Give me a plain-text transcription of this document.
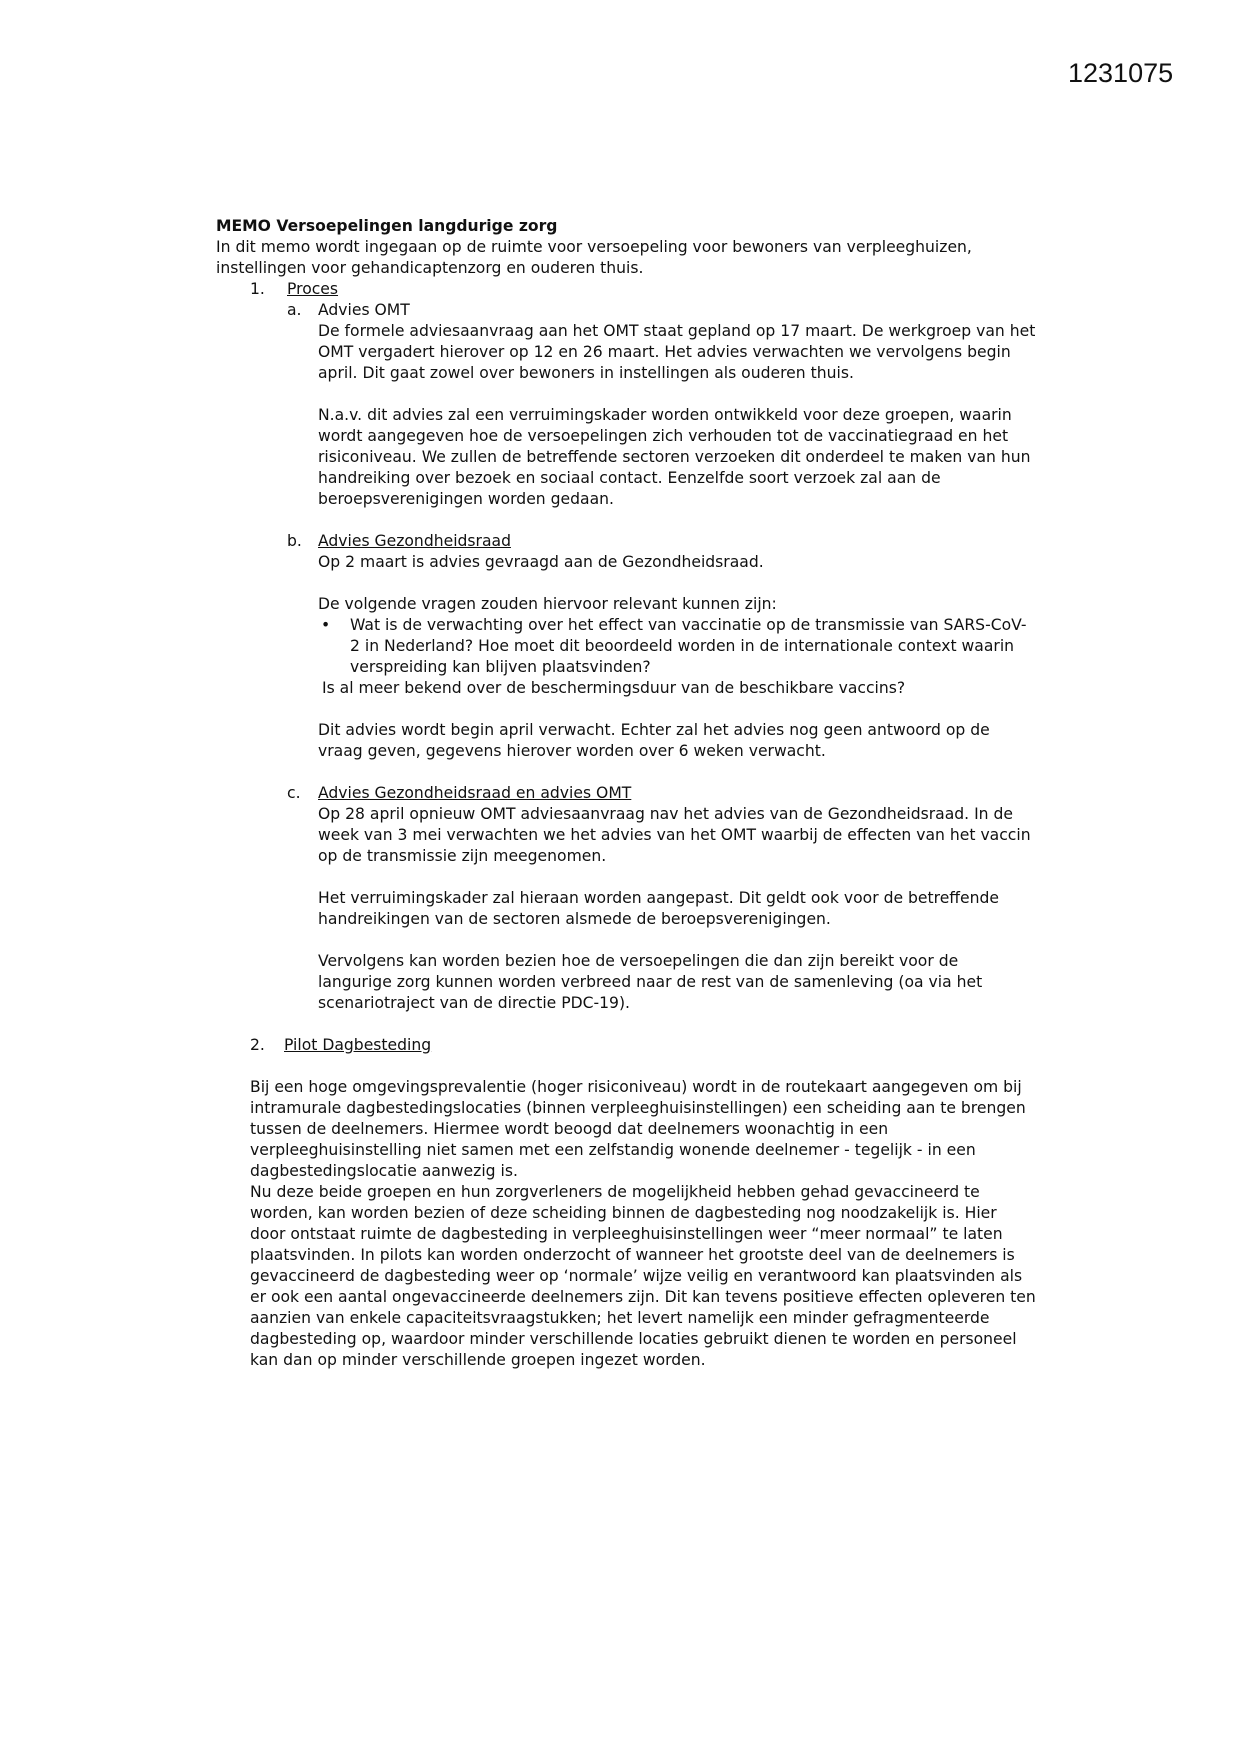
1231075

MEMO Versoepelingen langdurige zorg

In dit memo wordt ingegaan op de ruimte voor versoepeling voor bewoners van verpleeghuizen, instellingen voor gehandicaptenzorg en ouderen thuis.

1.	Proces
a.	Advies OMT

De formele adviesaanvraag aan het OMT staat gepland op 17 maart. De werkgroep van het OMT vergadert hierover op 12 en 26 maart. Het advies verwachten we vervolgens begin april. Dit gaat zowel over bewoners in instellingen als ouderen thuis.

N.a.v. dit advies zal een verruimingskader worden ontwikkeld voor deze groepen, waarin wordt aangegeven hoe de versoepelingen zich verhouden tot de vaccinatiegraad en het risiconiveau. We zullen de betreffende sectoren verzoeken dit onderdeel te maken van hun handreiking over bezoek en sociaal contact. Eenzelfde soort verzoek zal aan de beroepsverenigingen worden gedaan.

b.	Advies Gezondheidsraad

Op 2 maart is advies gevraagd aan de Gezondheidsraad.

De volgende vragen zouden hiervoor relevant kunnen zijn:

•	Wat is de verwachting over het effect van vaccinatie op de transmissie van SARS-CoV-2 in Nederland? Hoe moet dit beoordeeld worden in de internationale context waarin verspreiding kan blijven plaatsvinden?

Is al meer bekend over de beschermingsduur van de beschikbare vaccins?

Dit advies wordt begin april verwacht. Echter zal het advies nog geen antwoord op de vraag geven, gegevens hierover worden over 6 weken verwacht.

c.	Advies Gezondheidsraad en advies OMT

Op 28 april opnieuw OMT adviesaanvraag nav het advies van de Gezondheidsraad. In de week van 3 mei verwachten we het advies van het OMT waarbij de effecten van het vaccin op de transmissie zijn meegenomen.

Het verruimingskader zal hieraan worden aangepast. Dit geldt ook voor de betreffende handreikingen van de sectoren alsmede de beroepsverenigingen.

Vervolgens kan worden bezien hoe de versoepelingen die dan zijn bereikt voor de langurige zorg kunnen worden verbreed naar de rest van de samenleving (oa via het scenariotraject van de directie PDC-19).

2.	Pilot Dagbesteding

Bij een hoge omgevingsprevalentie (hoger risiconiveau) wordt in de routekaart aangegeven om bij intramurale dagbestedingslocaties (binnen verpleeghuisinstellingen) een scheiding aan te brengen tussen de deelnemers. Hiermee wordt beoogd dat deelnemers woonachtig in een verpleeghuisinstelling niet samen met een zelfstandig wonende deelnemer - tegelijk - in een dagbestedingslocatie aanwezig is.

Nu deze beide groepen en hun zorgverleners de mogelijkheid hebben gehad gevaccineerd te worden, kan worden bezien of deze scheiding binnen de dagbesteding nog noodzakelijk is. Hier door ontstaat ruimte de dagbesteding in verpleeghuisinstellingen weer “meer normaal” te laten plaatsvinden. In pilots kan worden onderzocht of wanneer het grootste deel van de deelnemers is gevaccineerd de dagbesteding weer op ‘normale’ wijze veilig en verantwoord kan plaatsvinden als er ook een aantal ongevaccineerde deelnemers zijn. Dit kan tevens positieve effecten opleveren ten aanzien van enkele capaciteitsvraagstukken; het levert namelijk een minder gefragmenteerde dagbesteding op, waardoor minder verschillende locaties gebruikt dienen te worden en personeel kan dan op minder verschillende groepen ingezet worden.
